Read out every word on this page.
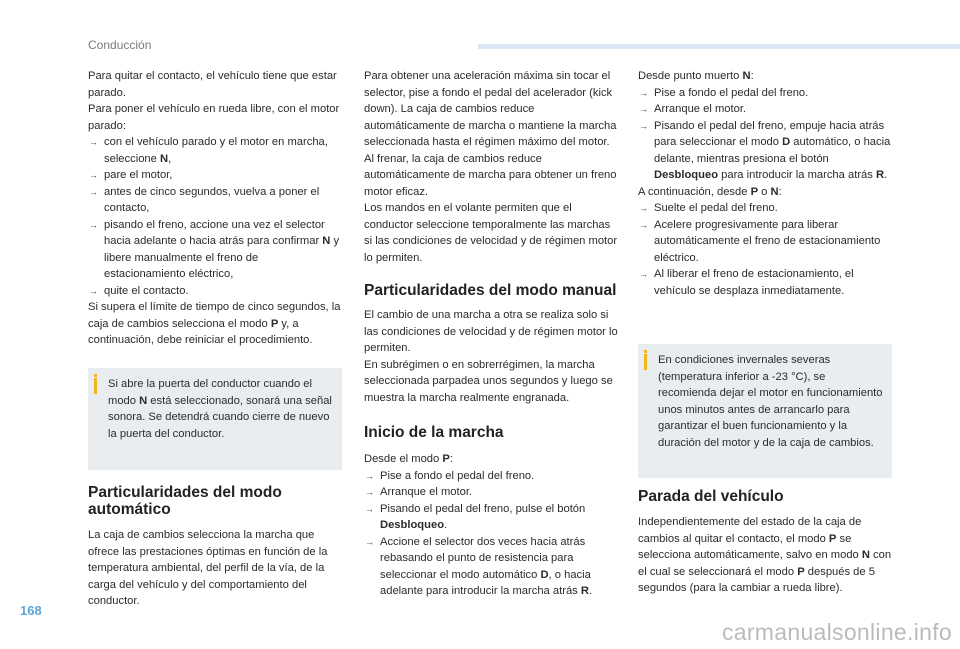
Conducción

Para quitar el contacto, el vehículo tiene que estar parado.

Para poner el vehículo en rueda libre, con el motor parado:

→ con el vehículo parado y el motor en marcha, seleccione N,
→ pare el motor,
→ antes de cinco segundos, vuelva a poner el contacto,
→ pisando el freno, accione una vez el selector hacia adelante o hacia atrás para confirmar N y libere manualmente el freno de estacionamiento eléctrico,
→ quite el contacto.

Si supera el límite de tiempo de cinco segundos, la caja de cambios selecciona el modo P y, a continuación, debe reiniciar el procedimiento.

Si abre la puerta del conductor cuando el modo N está seleccionado, sonará una señal sonora. Se detendrá cuando cierre de nuevo la puerta del conductor.
Particularidades del modo automático

La caja de cambios selecciona la marcha que ofrece las prestaciones óptimas en función de la temperatura ambiental, del perfil de la vía, de la carga del vehículo y del comportamiento del conductor.

Para obtener una aceleración máxima sin tocar el selector, pise a fondo el pedal del acelerador (kick down). La caja de cambios reduce automáticamente de marcha o mantiene la marcha seleccionada hasta el régimen máximo del motor.

Al frenar, la caja de cambios reduce automáticamente de marcha para obtener un freno motor eficaz.

Los mandos en el volante permiten que el conductor seleccione temporalmente las marchas si las condiciones de velocidad y de régimen motor lo permiten.

Particularidades del modo manual

El cambio de una marcha a otra se realiza solo si las condiciones de velocidad y de régimen motor lo permiten.

En subrégimen o en sobrerrégimen, la marcha seleccionada parpadea unos segundos y luego se muestra la marcha realmente engranada.

Inicio de la marcha

Desde el modo P:

→ Pise a fondo el pedal del freno.
→ Arranque el motor.
→ Pisando el pedal del freno, pulse el botón Desbloqueo.
→ Accione el selector dos veces hacia atrás rebasando el punto de resistencia para seleccionar el modo automático D, o hacia adelante para introducir la marcha atrás R.

Desde punto muerto N:

→ Pise a fondo el pedal del freno.
→ Arranque el motor.
→ Pisando el pedal del freno, empuje hacia atrás para seleccionar el modo D automático, o hacia delante, mientras presiona el botón Desbloqueo para introducir la marcha atrás R.

A continuación, desde P o N:

→ Suelte el pedal del freno.
→ Acelere progresivamente para liberar automáticamente el freno de estacionamiento eléctrico.
→ Al liberar el freno de estacionamiento, el vehículo se desplaza inmediatamente.
En condiciones invernales severas (temperatura inferior a -23 °C), se recomienda dejar el motor en funcionamiento unos minutos antes de arrancarlo para garantizar el buen funcionamiento y la duración del motor y de la caja de cambios.
Parada del vehículo

Independientemente del estado de la caja de cambios al quitar el contacto, el modo P se selecciona automáticamente, salvo en modo N con el cual se seleccionará el modo P después de 5 segundos (para la cambiar a rueda libre).

168
carmanualsonline.info
